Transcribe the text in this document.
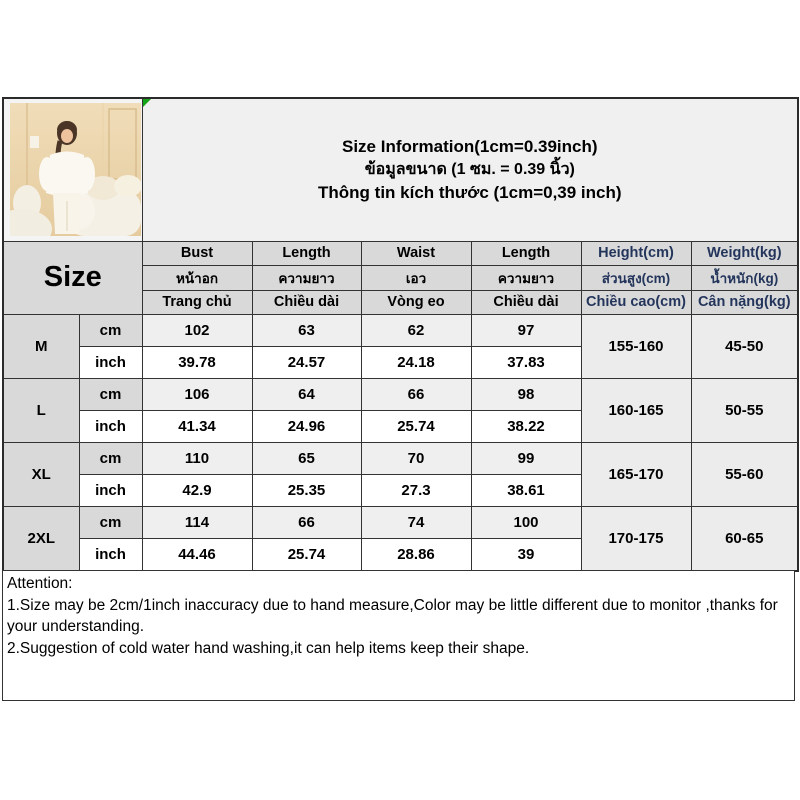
Size Information(1cm=0.39inch)
ข้อมูลขนาด (1 ซม. = 0.39 นิ้ว)
Thông tin kích thước (1cm=0,39 inch)					

Size		Bust	Length	Waist	Length	Height(cm)	Weight(kg)
		หน้าอก	ความยาว	เอว	ความยาว	ส่วนสูง(cm)	น้ำหนัก(kg)
		Trang chủ	Chiều dài	Vòng eo	Chiều dài	Chiều cao(cm)	Cân nặng(kg)
M	cm	102	63	62	97	155-160	45-50
	inch	39.78	24.57	24.18	37.83		
L	cm	106	64	66	98	160-165	50-55
	inch	41.34	24.96	25.74	38.22		
XL	cm	110	65	70	99	165-170	55-60
	inch	42.9	25.35	27.3	38.61		
2XL	cm	114	66	74	100	170-175	60-65
	inch	44.46	25.74	28.86	39		
Attention:
1.Size may be 2cm/1inch inaccuracy due to hand measure,Color may be little different due to monitor ,thanks for your understanding.
2.Suggestion of cold water hand washing,it can help items keep their shape.
